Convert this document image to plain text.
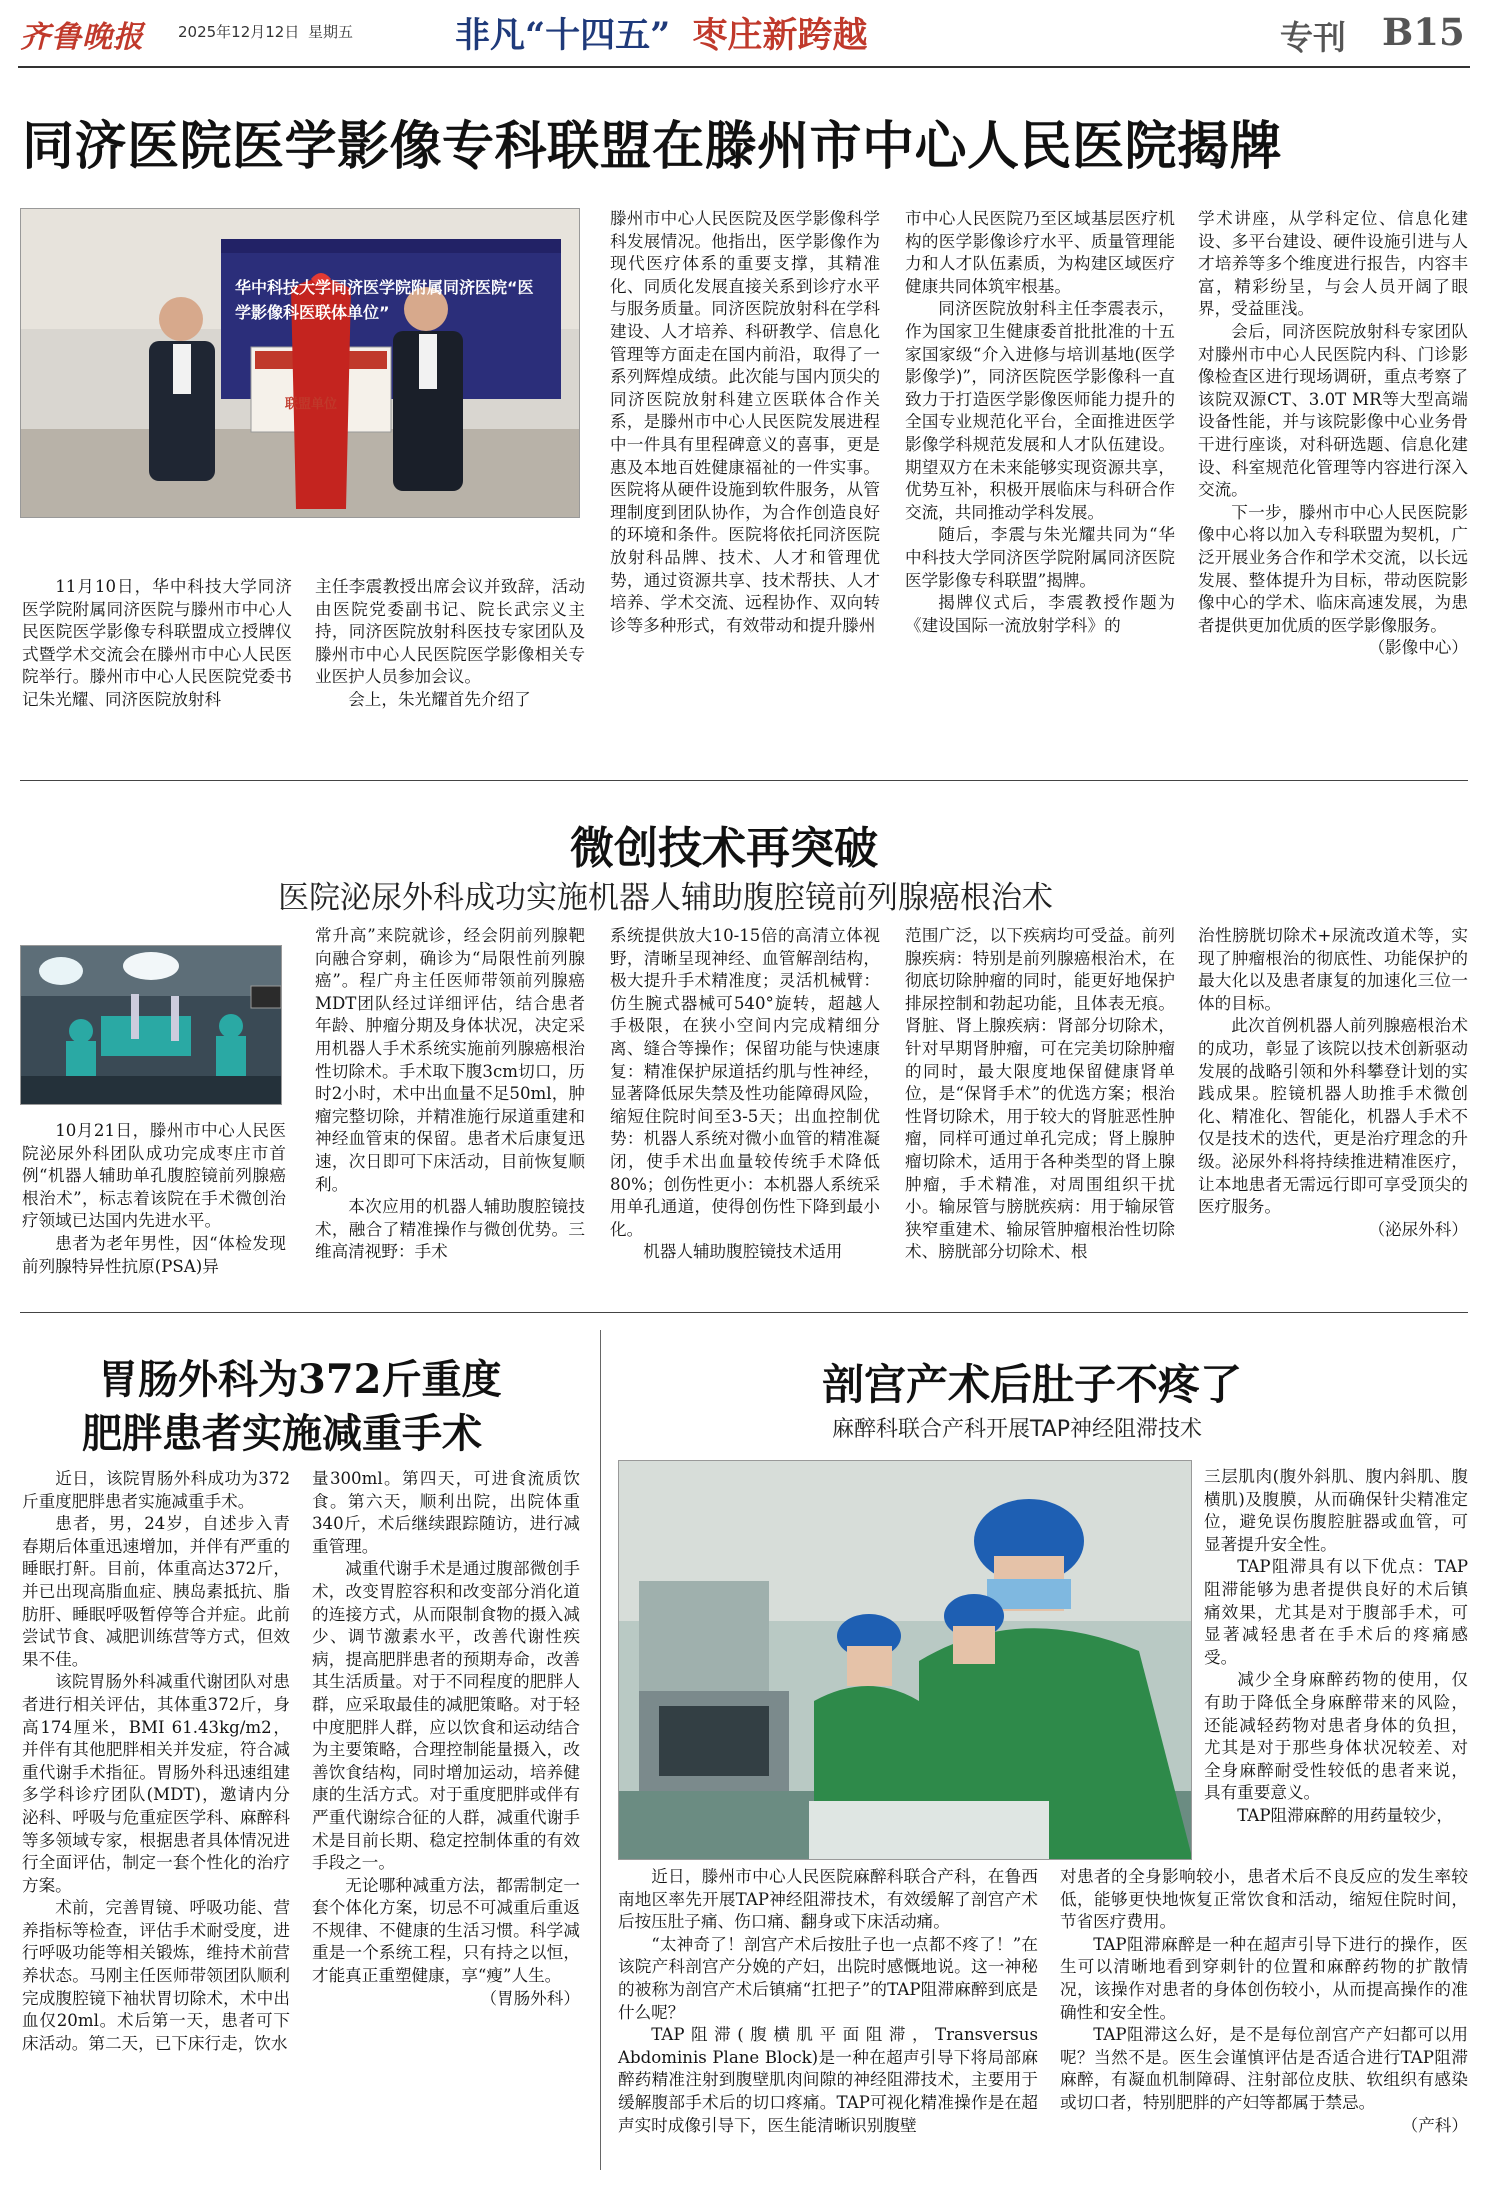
齐鲁晚报 2025年12月12日 星期五	非凡“十四五” 枣庄新跨越	专刊 B15
同济医院医学影像专科联盟在滕州市中心人民医院揭牌
华中科技大学同济医学院附属同济医院“医学影像科医联体单位”
联盟单位
11月10日，华中科技大学同济医学院附属同济医院与滕州市中心人民医院医学影像专科联盟成立授牌仪式暨学术交流会在滕州市中心人民医院举行。滕州市中心人民医院党委书记朱光耀、同济医院放射科
主任李震教授出席会议并致辞，活动由医院党委副书记、院长武宗义主持，同济医院放射科医技专家团队及滕州市中心人民医院医学影像相关专业医护人员参加会议。
会上，朱光耀首先介绍了
滕州市中心人民医院及医学影像科学科发展情况。他指出，医学影像作为现代医疗体系的重要支撑，其精准化、同质化发展直接关系到诊疗水平与服务质量。同济医院放射科在学科建设、人才培养、科研教学、信息化管理等方面走在国内前沿，取得了一系列辉煌成绩。此次能与国内顶尖的同济医院放射科建立医联体合作关系，是滕州市中心人民医院发展进程中一件具有里程碑意义的喜事，更是惠及本地百姓健康福祉的一件实事。医院将从硬件设施到软件服务，从管理制度到团队协作，为合作创造良好的环境和条件。医院将依托同济医院放射科品牌、技术、人才和管理优势，通过资源共享、技术帮扶、人才培养、学术交流、远程协作、双向转诊等多种形式，有效带动和提升滕州
市中心人民医院乃至区域基层医疗机构的医学影像诊疗水平、质量管理能力和人才队伍素质，为构建区域医疗健康共同体筑牢根基。
同济医院放射科主任李震表示，作为国家卫生健康委首批批准的十五家国家级“介入进修与培训基地(医学影像学)”，同济医院医学影像科一直致力于打造医学影像医师能力提升的全国专业规范化平台，全面推进医学影像学科规范发展和人才队伍建设。期望双方在未来能够实现资源共享，优势互补，积极开展临床与科研合作交流，共同推动学科发展。
随后，李震与朱光耀共同为“华中科技大学同济医学院附属同济医院医学影像专科联盟”揭牌。
揭牌仪式后，李震教授作题为《建设国际一流放射学科》的
学术讲座，从学科定位、信息化建设、多平台建设、硬件设施引进与人才培养等多个维度进行报告，内容丰富，精彩纷呈，与会人员开阔了眼界，受益匪浅。
会后，同济医院放射科专家团队对滕州市中心人民医院内科、门诊影像检查区进行现场调研，重点考察了该院双源CT、3.0T MR等大型高端设备性能，并与该院影像中心业务骨干进行座谈，对科研选题、信息化建设、科室规范化管理等内容进行深入交流。
下一步，滕州市中心人民医院影像中心将以加入专科联盟为契机，广泛开展业务合作和学术交流，以长远发展、整体提升为目标，带动医院影像中心的学术、临床高速发展，为患者提供更加优质的医学影像服务。
（影像中心）
微创技术再突破
医院泌尿外科成功实施机器人辅助腹腔镜前列腺癌根治术
10月21日，滕州市中心人民医院泌尿外科团队成功完成枣庄市首例“机器人辅助单孔腹腔镜前列腺癌根治术”，标志着该院在手术微创治疗领域已达国内先进水平。
患者为老年男性，因“体检发现前列腺特异性抗原(PSA)异
常升高”来院就诊，经会阴前列腺靶向融合穿刺，确诊为“局限性前列腺癌”。程广舟主任医师带领前列腺癌MDT团队经过详细评估，结合患者年龄、肿瘤分期及身体状况，决定采用机器人手术系统实施前列腺癌根治性切除术。手术取下腹3cm切口，历时2小时，术中出血量不足50ml，肿瘤完整切除，并精准施行尿道重建和神经血管束的保留。患者术后康复迅速，次日即可下床活动，目前恢复顺利。
本次应用的机器人辅助腹腔镜技术，融合了精准操作与微创优势。三维高清视野：手术
系统提供放大10-15倍的高清立体视野，清晰呈现神经、血管解剖结构，极大提升手术精准度；灵活机械臂：仿生腕式器械可540°旋转，超越人手极限，在狭小空间内完成精细分离、缝合等操作；保留功能与快速康复：精准保护尿道括约肌与性神经，显著降低尿失禁及性功能障碍风险，缩短住院时间至3-5天；出血控制优势：机器人系统对微小血管的精准凝闭，使手术出血量较传统手术降低80%；创伤性更小：本机器人系统采用单孔通道，使得创伤性下降到最小化。
机器人辅助腹腔镜技术适用
范围广泛，以下疾病均可受益。前列腺疾病：特别是前列腺癌根治术，在彻底切除肿瘤的同时，能更好地保护排尿控制和勃起功能，且体表无痕。肾脏、肾上腺疾病：肾部分切除术，针对早期肾肿瘤，可在完美切除肿瘤的同时，最大限度地保留健康肾单位，是“保肾手术”的优选方案；根治性肾切除术，用于较大的肾脏恶性肿瘤，同样可通过单孔完成；肾上腺肿瘤切除术，适用于各种类型的肾上腺肿瘤，手术精准，对周围组织干扰小。输尿管与膀胱疾病：用于输尿管狭窄重建术、输尿管肿瘤根治性切除术、膀胱部分切除术、根
治性膀胱切除术+尿流改道术等，实现了肿瘤根治的彻底性、功能保护的最大化以及患者康复的加速化三位一体的目标。
此次首例机器人前列腺癌根治术的成功，彰显了该院以技术创新驱动发展的战略引领和外科攀登计划的实践成果。腔镜机器人助推手术微创化、精准化、智能化，机器人手术不仅是技术的迭代，更是治疗理念的升级。泌尿外科将持续推进精准医疗，让本地患者无需远行即可享受顶尖的医疗服务。
（泌尿外科）
胃肠外科为372斤重度
肥胖患者实施减重手术
近日，该院胃肠外科成功为372斤重度肥胖患者实施减重手术。
患者，男，24岁，自述步入青春期后体重迅速增加，并伴有严重的睡眠打鼾。目前，体重高达372斤，并已出现高脂血症、胰岛素抵抗、脂肪肝、睡眠呼吸暂停等合并症。此前尝试节食、减肥训练营等方式，但效果不佳。
该院胃肠外科减重代谢团队对患者进行相关评估，其体重372斤，身高174厘米，BMI 61.43kg/m2，并伴有其他肥胖相关并发症，符合减重代谢手术指征。胃肠外科迅速组建多学科诊疗团队(MDT)，邀请内分泌科、呼吸与危重症医学科、麻醉科等多领域专家，根据患者具体情况进行全面评估，制定一套个性化的治疗方案。
术前，完善胃镜、呼吸功能、营养指标等检查，评估手术耐受度，进行呼吸功能等相关锻炼，维持术前营养状态。马刚主任医师带领团队顺利完成腹腔镜下袖状胃切除术，术中出血仅20ml。术后第一天，患者可下床活动。第二天，已下床行走，饮水
量300ml。第四天，可进食流质饮食。第六天，顺利出院，出院体重340斤，术后继续跟踪随访，进行减重管理。
减重代谢手术是通过腹部微创手术，改变胃腔容积和改变部分消化道的连接方式，从而限制食物的摄入减少、调节激素水平，改善代谢性疾病，提高肥胖患者的预期寿命，改善其生活质量。对于不同程度的肥胖人群，应采取最佳的减肥策略。对于轻中度肥胖人群，应以饮食和运动结合为主要策略，合理控制能量摄入，改善饮食结构，同时增加运动，培养健康的生活方式。对于重度肥胖或伴有严重代谢综合征的人群，减重代谢手术是目前长期、稳定控制体重的有效手段之一。
无论哪种减重方法，都需制定一套个体化方案，切忌不可减重后重返不规律、不健康的生活习惯。科学减重是一个系统工程，只有持之以恒，才能真正重塑健康，享“瘦”人生。
（胃肠外科）
剖宫产术后肚子不疼了
麻醉科联合产科开展TAP神经阻滞技术
三层肌肉(腹外斜肌、腹内斜肌、腹横肌)及腹膜，从而确保针尖精准定位，避免误伤腹腔脏器或血管，可显著提升安全性。
TAP阻滞具有以下优点：TAP阻滞能够为患者提供良好的术后镇痛效果，尤其是对于腹部手术，可显著减轻患者在手术后的疼痛感受。
减少全身麻醉药物的使用，仅有助于降低全身麻醉带来的风险，还能减轻药物对患者身体的负担，尤其是对于那些身体状况较差、对全身麻醉耐受性较低的患者来说，具有重要意义。
TAP阻滞麻醉的用药量较少，
近日，滕州市中心人民医院麻醉科联合产科，在鲁西南地区率先开展TAP神经阻滞技术，有效缓解了剖宫产术后按压肚子痛、伤口痛、翻身或下床活动痛。
“太神奇了！剖宫产术后按肚子也一点都不疼了！”在该院产科剖宫产分娩的产妇，出院时感慨地说。这一神秘的被称为剖宫产术后镇痛“扛把子”的TAP阻滞麻醉到底是什么呢？
TAP阻滞(腹横肌平面阻滞，Transversus Abdominis Plane Block)是一种在超声引导下将局部麻醉药精准注射到腹壁肌肉间隙的神经阻滞技术，主要用于缓解腹部手术后的切口疼痛。TAP可视化精准操作是在超声实时成像引导下，医生能清晰识别腹壁
对患者的全身影响较小，患者术后不良反应的发生率较低，能够更快地恢复正常饮食和活动，缩短住院时间，节省医疗费用。
TAP阻滞麻醉是一种在超声引导下进行的操作，医生可以清晰地看到穿刺针的位置和麻醉药物的扩散情况，该操作对患者的身体创伤较小，从而提高操作的准确性和安全性。
TAP阻滞这么好，是不是每位剖宫产产妇都可以用呢？当然不是。医生会谨慎评估是否适合进行TAP阻滞麻醉，有凝血机制障碍、注射部位皮肤、软组织有感染或切口者，特别肥胖的产妇等都属于禁忌。
（产科）
